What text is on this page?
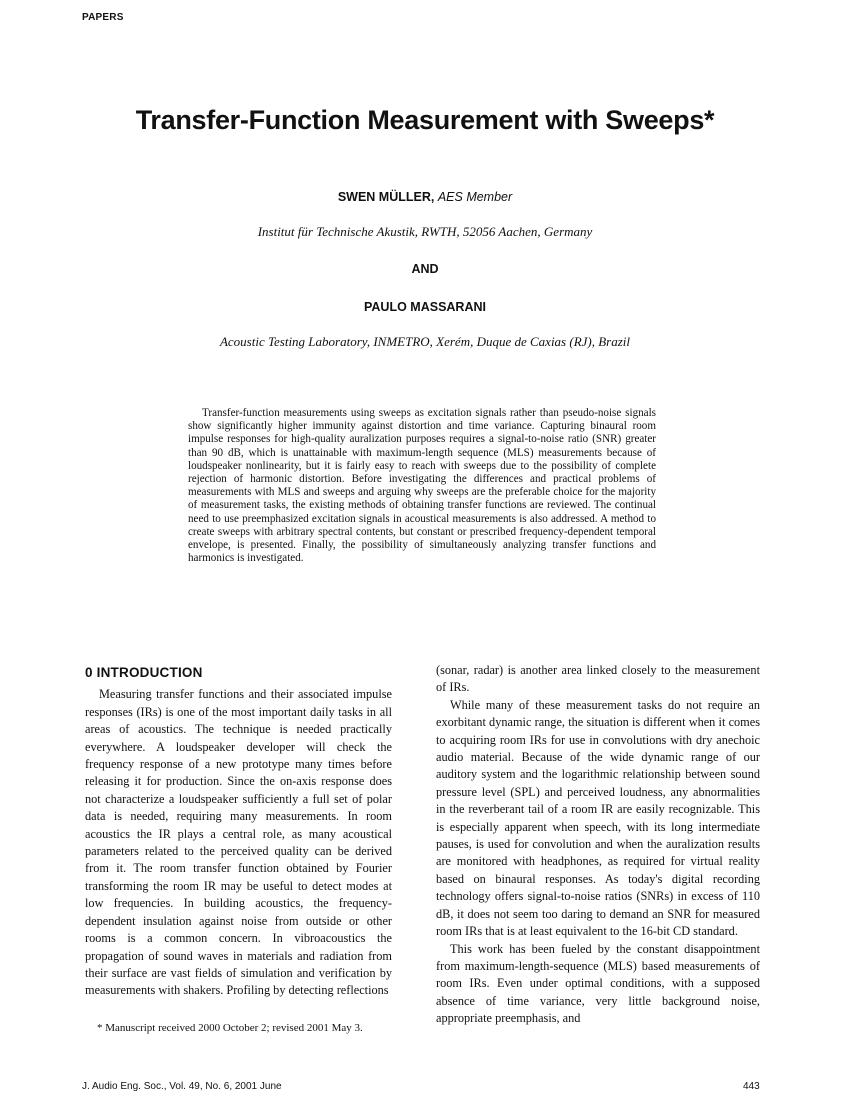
PAPERS
Transfer-Function Measurement with Sweeps*
SWEN MÜLLER, AES Member
Institut für Technische Akustik, RWTH, 52056 Aachen, Germany
AND
PAULO MASSARANI
Acoustic Testing Laboratory, INMETRO, Xerém, Duque de Caxias (RJ), Brazil

Transfer-function measurements using sweeps as excitation signals rather than pseudo-noise signals show significantly higher immunity against distortion and time variance. Capturing binaural room impulse responses for high-quality auralization purposes requires a signal-to-noise ratio (SNR) greater than 90 dB, which is unattainable with maximum-length sequence (MLS) measurements because of loudspeaker nonlinearity, but it is fairly easy to reach with sweeps due to the possibility of complete rejection of harmonic distortion. Before investigating the differences and practical problems of measurements with MLS and sweeps and arguing why sweeps are the preferable choice for the majority of measurement tasks, the existing methods of obtaining transfer functions are reviewed. The continual need to use preemphasized excitation signals in acoustical measurements is also addressed. A method to create sweeps with arbitrary spectral contents, but constant or prescribed frequency-dependent temporal envelope, is presented. Finally, the possibility of simultaneously analyzing transfer functions and harmonics is investigated.

0 INTRODUCTION

Measuring transfer functions and their associated impulse responses (IRs) is one of the most important daily tasks in all areas of acoustics. The technique is needed practically everywhere. A loudspeaker developer will check the frequency response of a new prototype many times before releasing it for production. Since the on-axis response does not characterize a loudspeaker sufficiently a full set of polar data is needed, requiring many measurements. In room acoustics the IR plays a central role, as many acoustical parameters related to the perceived quality can be derived from it. The room transfer function obtained by Fourier transforming the room IR may be useful to detect modes at low frequencies. In building acoustics, the frequency-dependent insulation against noise from outside or other rooms is a common concern. In vibroacoustics the propagation of sound waves in materials and radiation from their surface are vast fields of simulation and verification by measurements with shakers. Profiling by detecting reflections

(sonar, radar) is another area linked closely to the measurement of IRs.

While many of these measurement tasks do not require an exorbitant dynamic range, the situation is different when it comes to acquiring room IRs for use in convolutions with dry anechoic audio material. Because of the wide dynamic range of our auditory system and the logarithmic relationship between sound pressure level (SPL) and perceived loudness, any abnormalities in the reverberant tail of a room IR are easily recognizable. This is especially apparent when speech, with its long intermediate pauses, is used for convolution and when the auralization results are monitored with headphones, as required for virtual reality based on binaural responses. As today's digital recording technology offers signal-to-noise ratios (SNRs) in excess of 110 dB, it does not seem too daring to demand an SNR for measured room IRs that is at least equivalent to the 16-bit CD standard.

This work has been fueled by the constant disappointment from maximum-length-sequence (MLS) based measurements of room IRs. Even under optimal conditions, with a supposed absence of time variance, very little background noise, appropriate preemphasis, and

* Manuscript received 2000 October 2; revised 2001 May 3.
J. Audio Eng. Soc., Vol. 49, No. 6, 2001 June	443
